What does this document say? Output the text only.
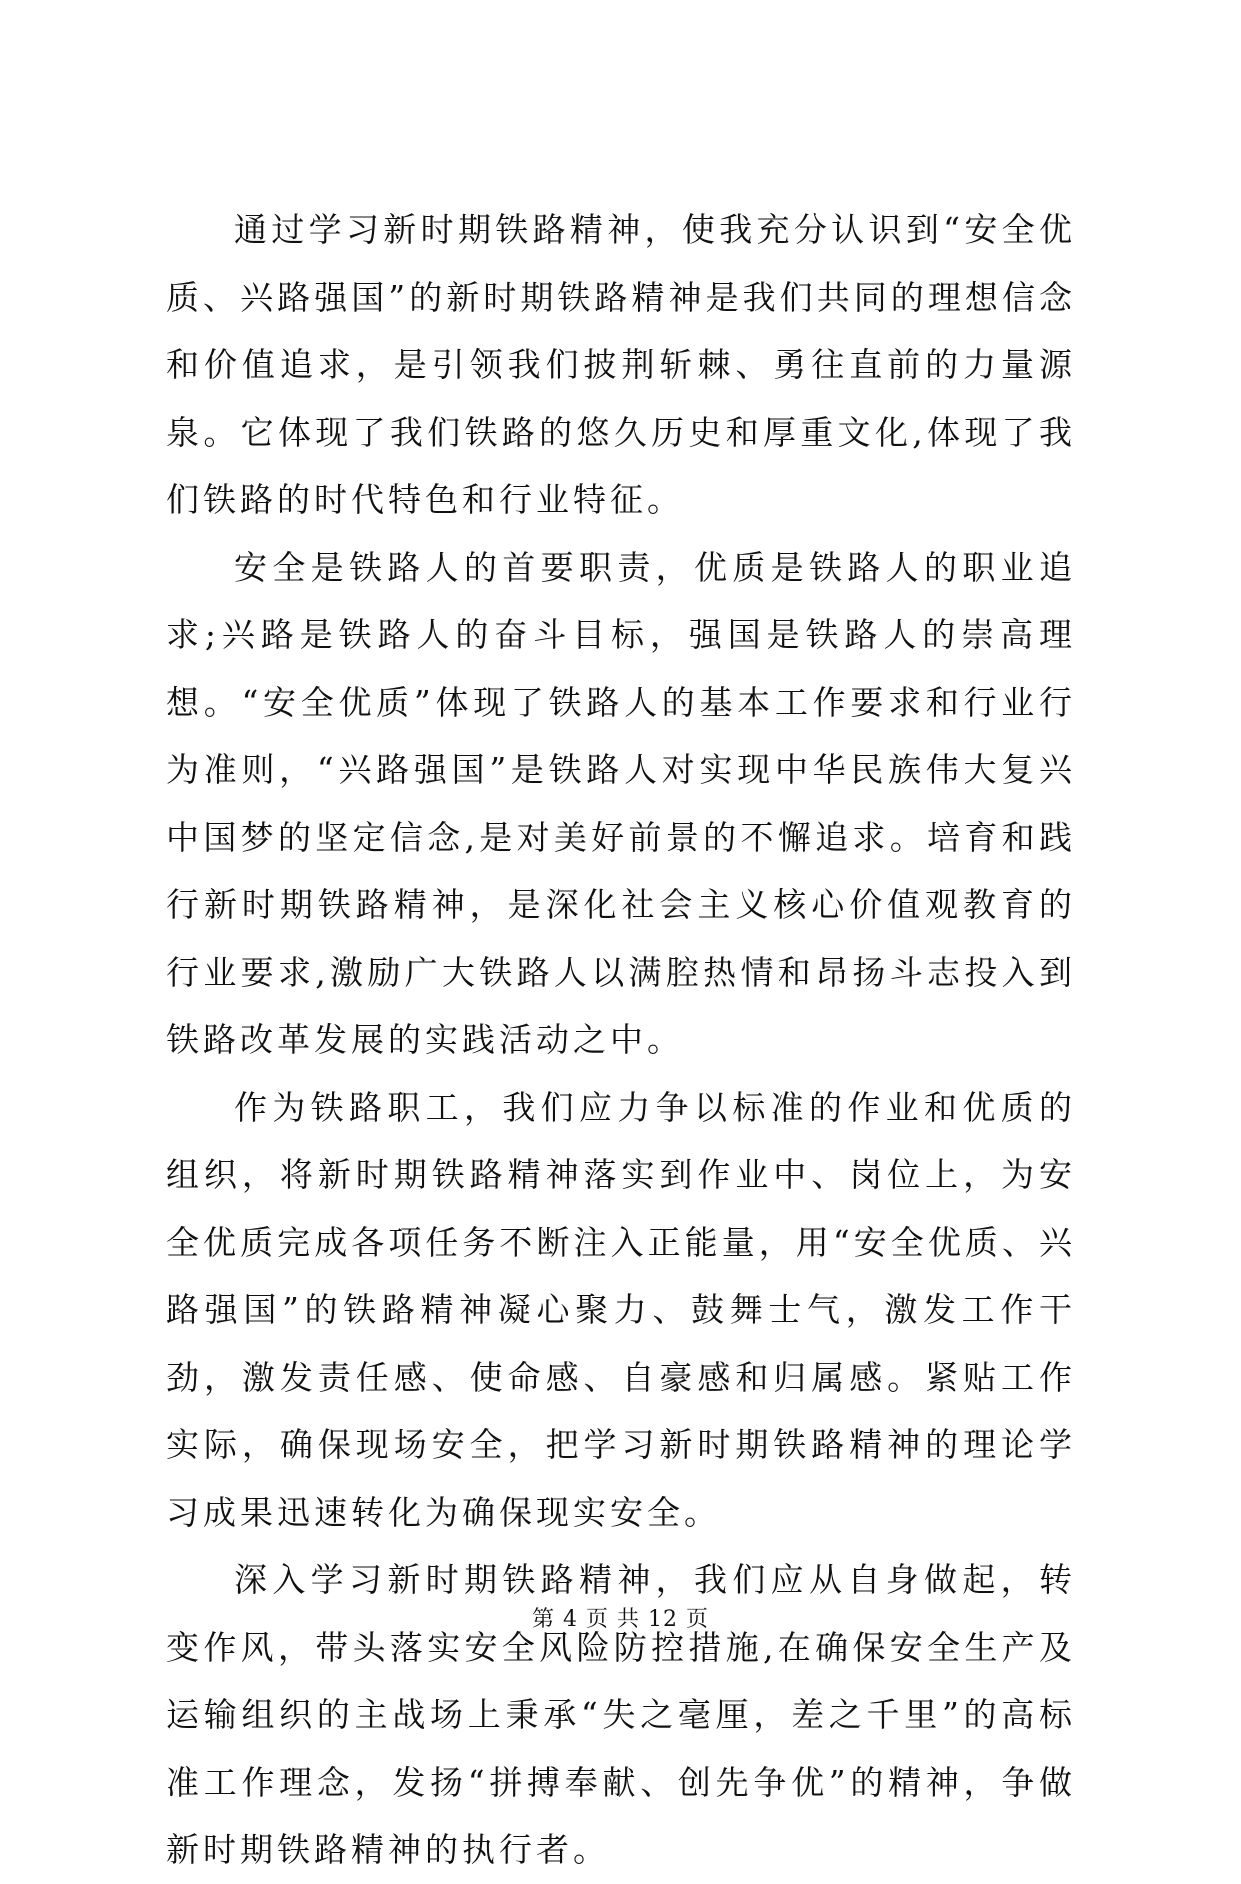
通过学习新时期铁路精神，使我充分认识到“安全优质、兴路强国”的新时期铁路精神是我们共同的理想信念和价值追求，是引领我们披荆斩棘、勇往直前的力量源泉。它体现了我们铁路的悠久历史和厚重文化,体现了我们铁路的时代特色和行业特征。

安全是铁路人的首要职责，优质是铁路人的职业追求;兴路是铁路人的奋斗目标，强国是铁路人的崇高理想。“安全优质”体现了铁路人的基本工作要求和行业行为准则，“兴路强国”是铁路人对实现中华民族伟大复兴中国梦的坚定信念,是对美好前景的不懈追求。培育和践行新时期铁路精神，是深化社会主义核心价值观教育的行业要求,激励广大铁路人以满腔热情和昂扬斗志投入到铁路改革发展的实践活动之中。

作为铁路职工，我们应力争以标准的作业和优质的组织，将新时期铁路精神落实到作业中、岗位上，为安全优质完成各项任务不断注入正能量，用“安全优质、兴路强国”的铁路精神凝心聚力、鼓舞士气，激发工作干劲，激发责任感、使命感、自豪感和归属感。紧贴工作实际，确保现场安全，把学习新时期铁路精神的理论学习成果迅速转化为确保现实安全。

深入学习新时期铁路精神，我们应从自身做起，转变作风，带头落实安全风险防控措施,在确保安全生产及运输组织的主战场上秉承“失之毫厘，差之千里”的高标准工作理念，发扬“拼搏奉献、创先争优”的精神，争做新时期铁路精神的执行者。

第 4 页 共 12 页
